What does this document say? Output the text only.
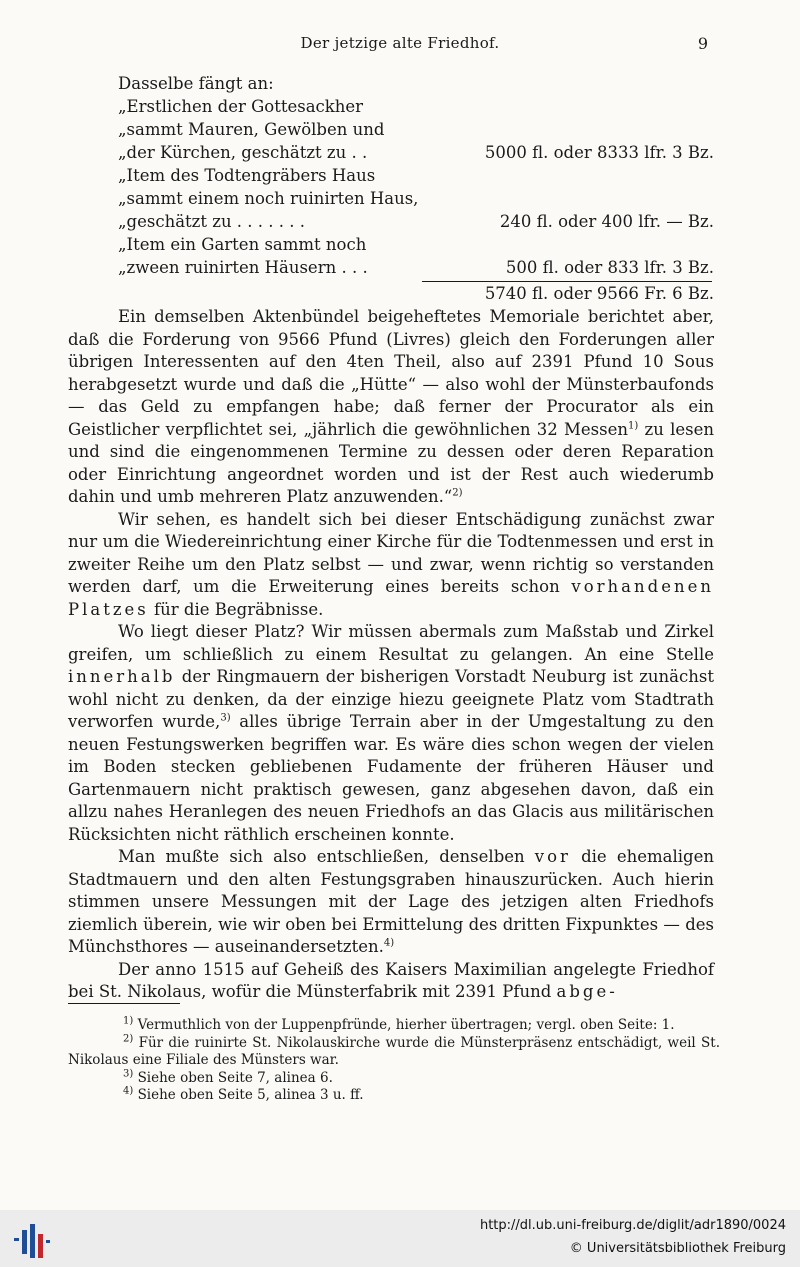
Der jetzige alte Friedhof.	9
Dasselbe fängt an:
„Erstlichen der Gottesackher
„sammt Mauren, Gewölben und
„der Kürchen, geschätzt zu . .	5000 fl. oder 8333 lfr. 3 Bz.
„Item des Todtengräbers Haus
„sammt einem noch ruinirten Haus,
„geschätzt zu . . . . . . .	240 fl. oder 400 lfr. — Bz.
„Item ein Garten sammt noch
„zween ruinirten Häusern . . .	500 fl. oder 833 lfr. 3 Bz.
5740 fl. oder 9566 Fr. 6 Bz.

Ein demselben Aktenbündel beigeheftetes Memoriale berichtet aber, daß die Forderung von 9566 Pfund (Livres) gleich den Forderungen aller übrigen Interessenten auf den 4ten Theil, also auf 2391 Pfund 10 Sous herabgesetzt wurde und daß die „Hütte“ — also wohl der Münsterbaufonds — das Geld zu empfangen habe; daß ferner der Procurator als ein Geistlicher verpflichtet sei, „jährlich die gewöhnlichen 32 Messen$^{1)}$ zu lesen und sind die eingenommenen Termine zu dessen oder deren Reparation oder Einrichtung angeordnet worden und ist der Rest auch wiederumb dahin und umb mehreren Platz anzuwenden.“$^{2)}$

Wir sehen, es handelt sich bei dieser Entschädigung zunächst zwar nur um die Wiedereinrichtung einer Kirche für die Todtenmessen und erst in zweiter Reihe um den Platz selbst — und zwar, wenn richtig so verstanden werden darf, um die Erweiterung eines bereits schon vorhandenen Platzes für die Begräbnisse.

Wo liegt dieser Platz? Wir müssen abermals zum Maßstab und Zirkel greifen, um schließlich zu einem Resultat zu gelangen. An eine Stelle innerhalb der Ringmauern der bisherigen Vorstadt Neuburg ist zunächst wohl nicht zu denken, da der einzige hiezu geeignete Platz vom Stadtrath verworfen wurde,$^{3)}$ alles übrige Terrain aber in der Umgestaltung zu den neuen Festungswerken begriffen war. Es wäre dies schon wegen der vielen im Boden stecken gebliebenen Fudamente der früheren Häuser und Gartenmauern nicht praktisch gewesen, ganz abgesehen davon, daß ein allzu nahes Heranlegen des neuen Friedhofs an das Glacis aus militärischen Rücksichten nicht räthlich erscheinen konnte.

Man mußte sich also entschließen, denselben vor die ehemaligen Stadtmauern und den alten Festungsgraben hinauszurücken. Auch hierin stimmen unsere Messungen mit der Lage des jetzigen alten Friedhofs ziemlich überein, wie wir oben bei Ermittelung des dritten Fixpunktes — des Münchsthores — auseinandersetzten.$^{4)}$

Der anno 1515 auf Geheiß des Kaisers Maximilian angelegte Friedhof bei St. Nikolaus, wofür die Münsterfabrik mit 2391 Pfund abge-

$^{1)}$ Vermuthlich von der Luppenpfründe, hierher übertragen; vergl. oben Seite: 1.

$^{2)}$ Für die ruinirte St. Nikolauskirche wurde die Münsterpräsenz entschädigt, weil St. Nikolaus eine Filiale des Münsters war.

$^{3)}$ Siehe oben Seite 7, alinea 6.

$^{4)}$ Siehe oben Seite 5, alinea 3 u. ff.

http://dl.ub.uni-freiburg.de/diglit/adr1890/0024
© Universitätsbibliothek Freiburg
